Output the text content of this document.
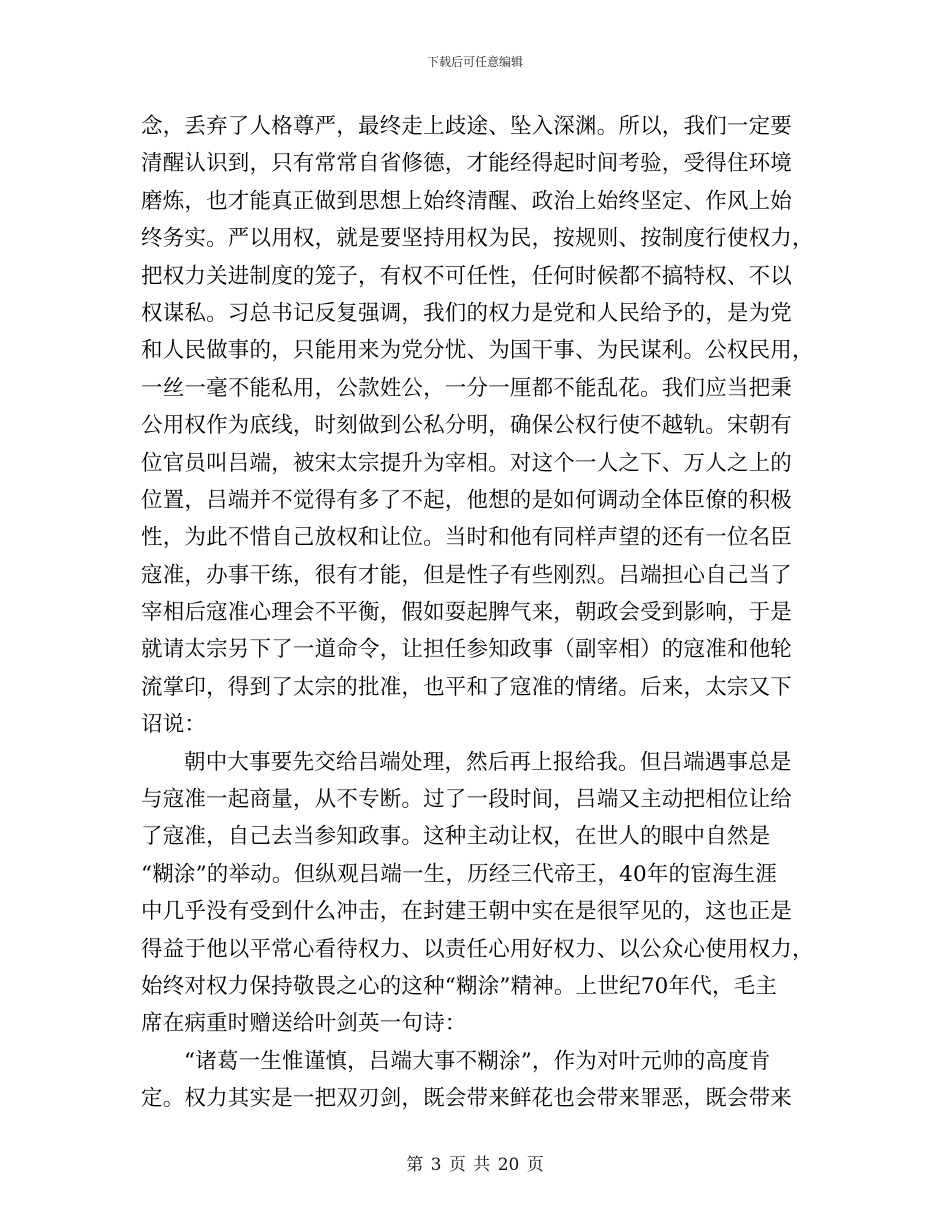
下载后可任意编辑
念，丢弃了人格尊严，最终走上歧途、坠入深渊。所以，我们一定要
清醒认识到，只有常常自省修德，才能经得起时间考验，受得住环境
磨炼，也才能真正做到思想上始终清醒、政治上始终坚定、作风上始
终务实。严以用权，就是要坚持用权为民，按规则、按制度行使权力，
把权力关进制度的笼子，有权不可任性，任何时候都不搞特权、不以
权谋私。习总书记反复强调，我们的权力是党和人民给予的，是为党
和人民做事的，只能用来为党分忧、为国干事、为民谋利。公权民用，
一丝一毫不能私用，公款姓公，一分一厘都不能乱花。我们应当把秉
公用权作为底线，时刻做到公私分明，确保公权行使不越轨。宋朝有
位官员叫吕端，被宋太宗提升为宰相。对这个一人之下、万人之上的
位置，吕端并不觉得有多了不起，他想的是如何调动全体臣僚的积极
性，为此不惜自己放权和让位。当时和他有同样声望的还有一位名臣
寇准，办事干练，很有才能，但是性子有些刚烈。吕端担心自己当了
宰相后寇准心理会不平衡，假如耍起脾气来，朝政会受到影响，于是
就请太宗另下了一道命令，让担任参知政事（副宰相）的寇准和他轮
流掌印，得到了太宗的批准，也平和了寇准的情绪。后来，太宗又下
诏说：
朝中大事要先交给吕端处理，然后再上报给我。但吕端遇事总是
与寇准一起商量，从不专断。过了一段时间，吕端又主动把相位让给
了寇准，自己去当参知政事。这种主动让权，在世人的眼中自然是
“糊涂”的举动。但纵观吕端一生，历经三代帝王，40年的宦海生涯
中几乎没有受到什么冲击，在封建王朝中实在是很罕见的，这也正是
得益于他以平常心看待权力、以责任心用好权力、以公众心使用权力，
始终对权力保持敬畏之心的这种“糊涂”精神。上世纪70年代，毛主
席在病重时赠送给叶剑英一句诗：
“诸葛一生惟谨慎，吕端大事不糊涂”，作为对叶元帅的高度肯
定。权力其实是一把双刃剑，既会带来鲜花也会带来罪恶，既会带来
第 3 页 共 20 页
